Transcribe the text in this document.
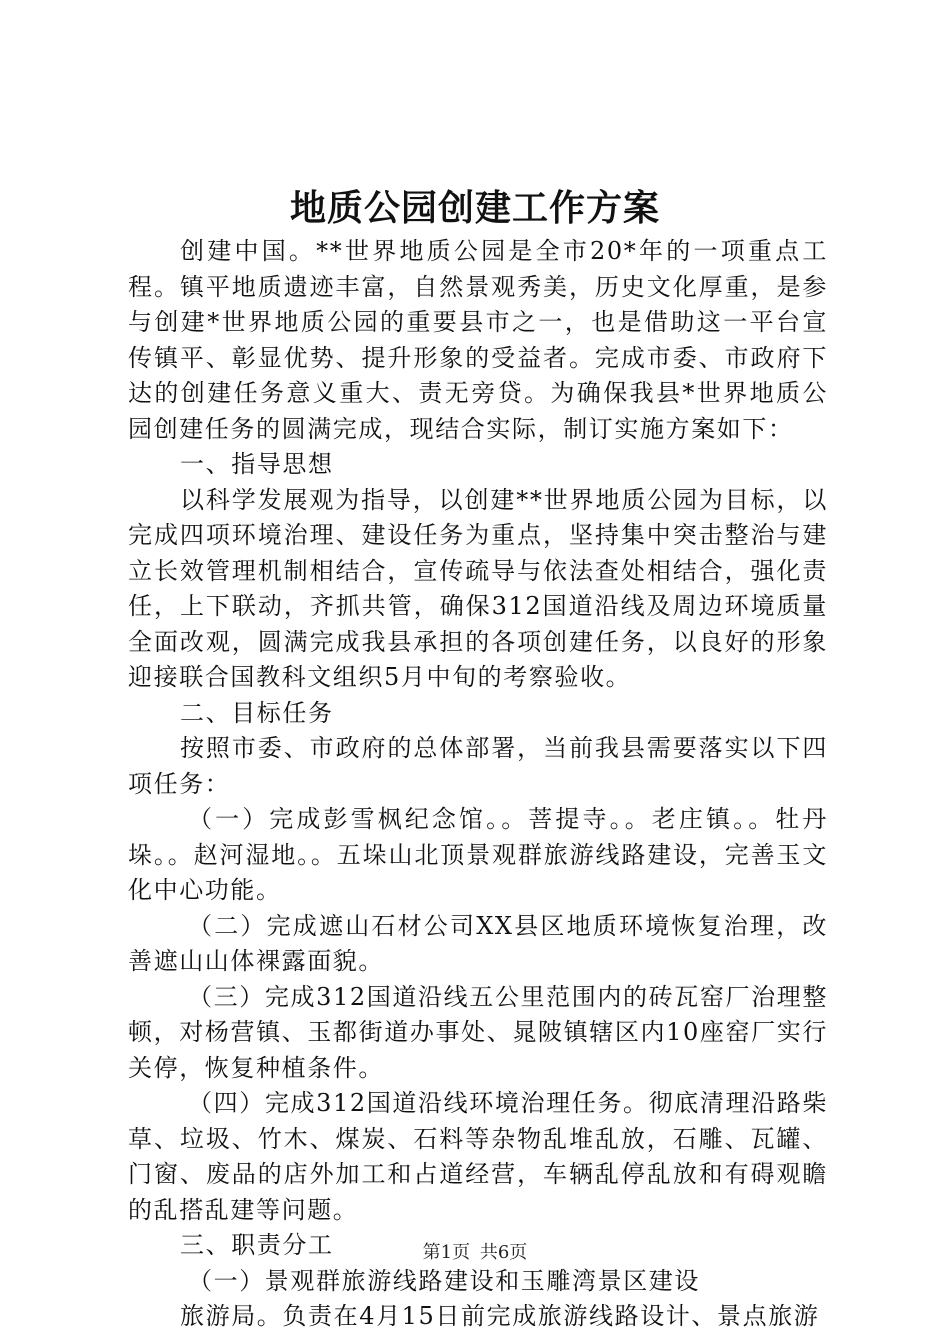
地质公园创建工作方案

创建中国。**世界地质公园是全市20*年的一项重点工程。镇平地质遗迹丰富，自然景观秀美，历史文化厚重，是参与创建*世界地质公园的重要县市之一，也是借助这一平台宣传镇平、彰显优势、提升形象的受益者。完成市委、市政府下达的创建任务意义重大、责无旁贷。为确保我县*世界地质公园创建任务的圆满完成，现结合实际，制订实施方案如下：

一、指导思想

以科学发展观为指导，以创建**世界地质公园为目标，以完成四项环境治理、建设任务为重点，坚持集中突击整治与建立长效管理机制相结合，宣传疏导与依法查处相结合，强化责任，上下联动，齐抓共管，确保312国道沿线及周边环境质量全面改观，圆满完成我县承担的各项创建任务，以良好的形象迎接联合国教科文组织5月中旬的考察验收。

二、目标任务

按照市委、市政府的总体部署，当前我县需要落实以下四项任务：

（一）完成彭雪枫纪念馆。。菩提寺。。老庄镇。。牡丹垛。。赵河湿地。。五垛山北顶景观群旅游线路建设，完善玉文化中心功能。

（二）完成遮山石材公司XX县区地质环境恢复治理，改善遮山山体裸露面貌。

（三）完成312国道沿线五公里范围内的砖瓦窑厂治理整顿，对杨营镇、玉都街道办事处、晁陂镇辖区内10座窑厂实行关停，恢复种植条件。

（四）完成312国道沿线环境治理任务。彻底清理沿路柴草、垃圾、竹木、煤炭、石料等杂物乱堆乱放，石雕、瓦罐、门窗、废品的店外加工和占道经营，车辆乱停乱放和有碍观瞻的乱搭乱建等问题。

三、职责分工

（一）景观群旅游线路建设和玉雕湾景区建设

旅游局。负责在4月15日前完成旅游线路设计、景点旅游

第1页 共6页
